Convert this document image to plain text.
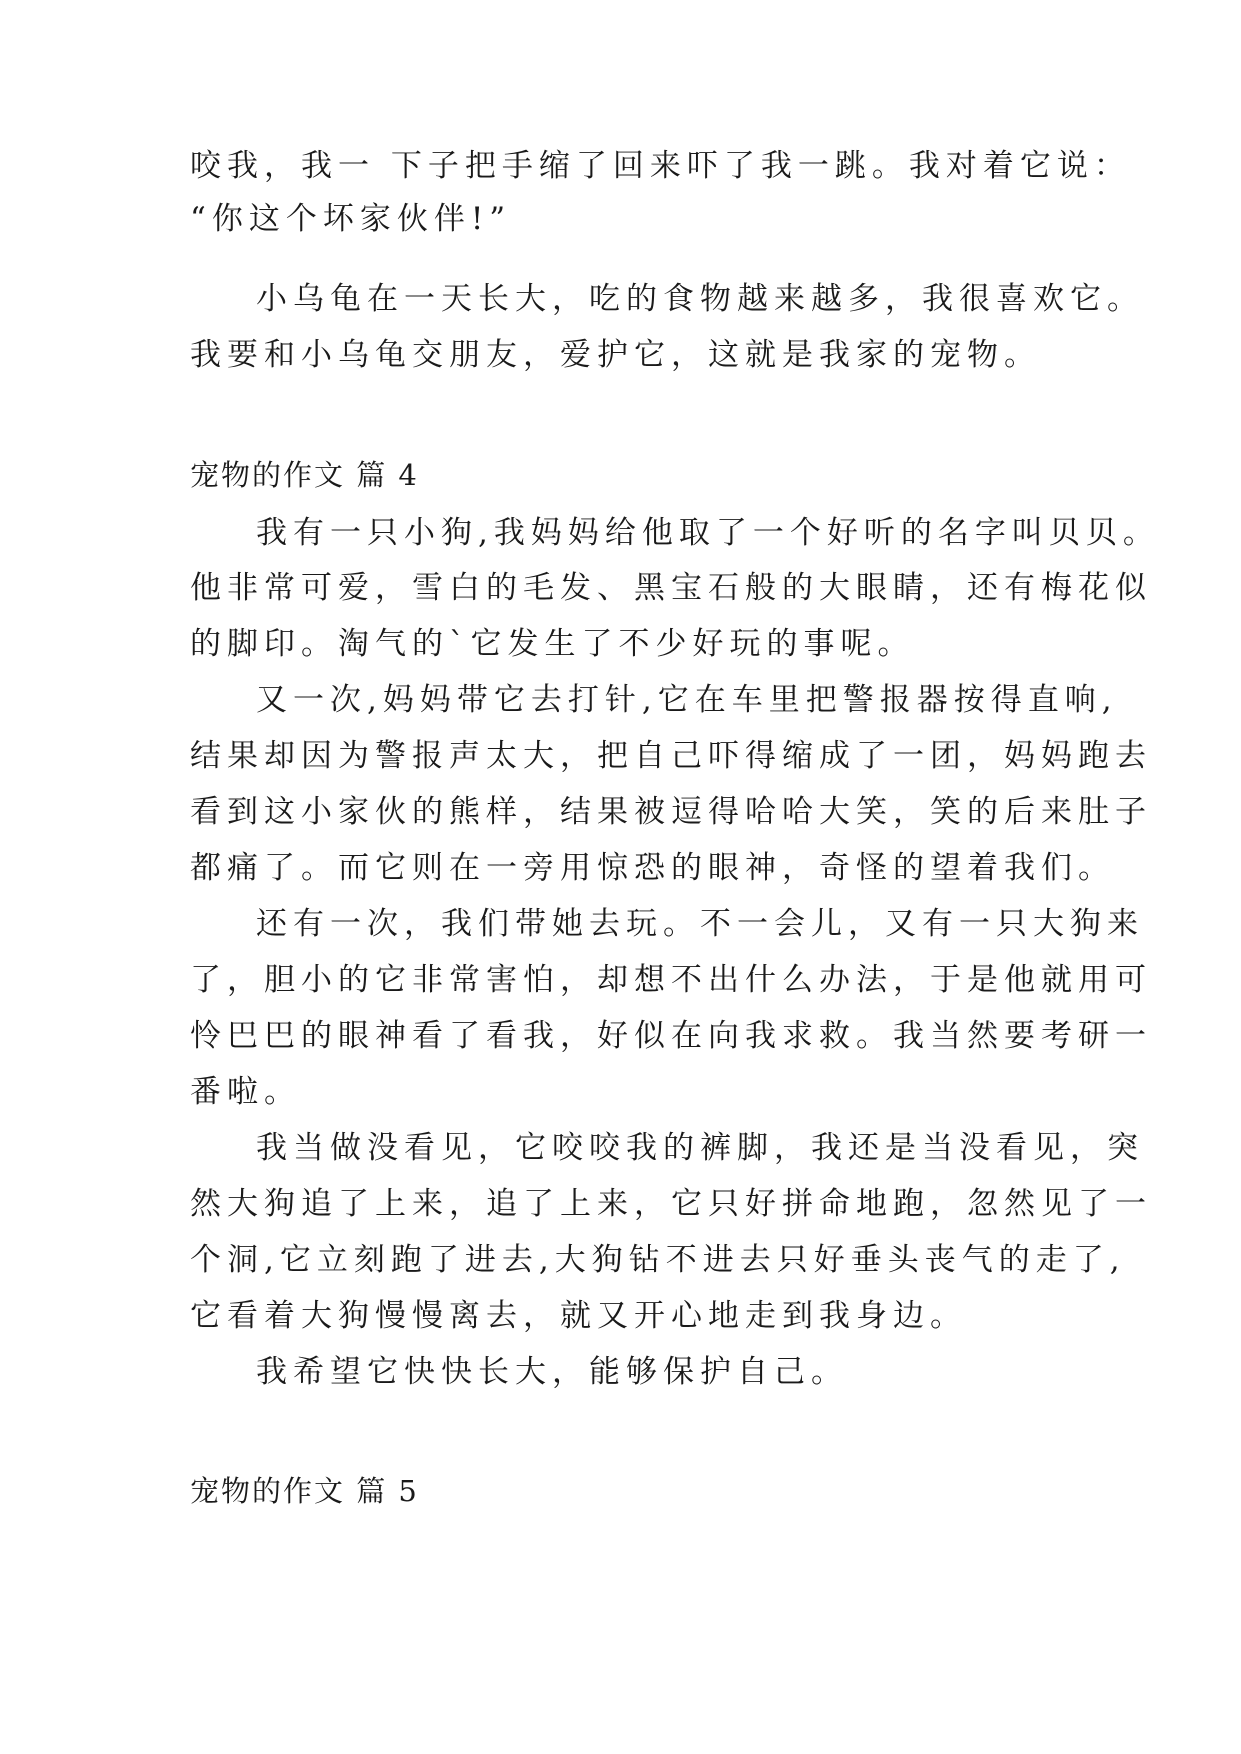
咬我，我一 下子把手缩了回来吓了我一跳。我对着它说：
“你这个坏家伙伴!”
小乌龟在一天长大，吃的食物越来越多，我很喜欢它。
我要和小乌龟交朋友，爱护它，这就是我家的宠物。
宠物的作文 篇 4
我有一只小狗,我妈妈给他取了一个好听的名字叫贝贝。
他非常可爱，雪白的毛发、黑宝石般的大眼睛，还有梅花似
的脚印。淘气的`它发生了不少好玩的事呢。
又一次,妈妈带它去打针,它在车里把警报器按得直响,
结果却因为警报声太大，把自己吓得缩成了一团，妈妈跑去
看到这小家伙的熊样，结果被逗得哈哈大笑，笑的后来肚子
都痛了。而它则在一旁用惊恐的眼神，奇怪的望着我们。
还有一次，我们带她去玩。不一会儿，又有一只大狗来
了，胆小的它非常害怕，却想不出什么办法，于是他就用可
怜巴巴的眼神看了看我，好似在向我求救。我当然要考研一
番啦。
我当做没看见，它咬咬我的裤脚，我还是当没看见，突
然大狗追了上来，追了上来，它只好拼命地跑，忽然见了一
个洞,它立刻跑了进去,大狗钻不进去只好垂头丧气的走了,
它看着大狗慢慢离去，就又开心地走到我身边。
我希望它快快长大，能够保护自己。
宠物的作文 篇 5
